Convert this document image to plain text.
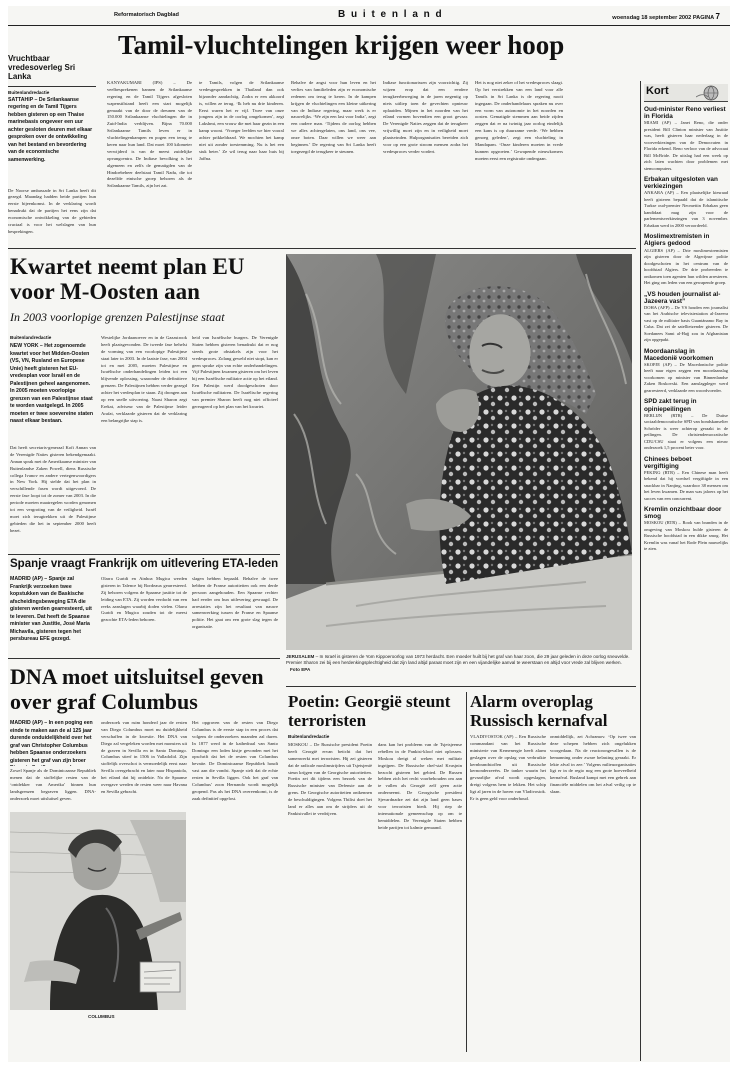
Reformatorisch Dagblad	B u i t e n l a n d	woensdag 18 september 2002 PAGINA 7
Vruchtbaar vredesoverleg Sri Lanka
Buitenlandredactie
SATTAHIP – De Srilankaanse regering en de Tamil Tijgers hebben gisteren op een Thaise marinebasis ongeveer een uur achter gesloten deuren met elkaar gesproken over de ontwikkeling van het bestand en bevordering van de economische samenwerking.
De Noorse ambassade in Sri Lanka heeft dit gezegd. Maandag hadden beide partijen hun eerste bijeenkomst. In de verklaring wordt benadrukt dat de partijen het eens zijn dat economische ontwikkeling van de gebieden cruciaal is voor het welslagen van hun besprekingen.
Tamil-vluchtelingen krijgen weer hoop
KANYAKUMARI (IPS) – De veelbesprekenen bannen de Srilankaanse regering en de Tamil Tijgers afgesloten wapenstilstand heeft een start mogelijk gemaakt van de door de dreunen van de 150.000 Srilankaanse vluchtelingen die in Zuid-India verblijven. Bijna 70.000 Srilankaanse Tamils leven er in vluchtelingenkampen en pogen een terug te keren naar hun land. Dat moet 100 kilometer verwijderd is van de meest zuidelijke opvangcentra. De Indiase bevolking is het algemeen en zelfs de gematigden van de Hindoebeheer deelstaat Tamil Nadu, die tot dezelfde etnische groep behoren als de Srilankaanse Tamils, zijn het zat.
te Tamils, volgen de Srilankaanse vredesgesprekken in Thailand dan ook bijzonder aandachtig. Zodra er een akkoord is, willen ze terug. ‘Ik heb nu drie kinderen. Eerst waren het er vijf. Twee van onze jongens zijn in de oorlog omgekomen’, zegt Lakshmi, een vrouw die met haar gezin in een kamp woont. ‘Vroeger leefden we hier vooral achter prikkeldraad. We mochten het kamp niet uit zonder toestemming. Nu is het een stuk beter.’ Ze wil terug naar haar huis bij Jaffna.
Behalve de angst voor hun leven en het verlies van familieleden zijn er economische redenen om terug te keren. In de kampen krijgen de vluchtelingen een kleine uitkering van de Indiase regering, maar werk is er nauwelijks. ‘We zijn een last voor India’, zegt een oudere man. ‘Tijdens de oorlog hebben we alles achtergelaten, ons land, ons vee, onze boten. Daar willen we weer aan beginnen.’ De regering van Sri Lanka heeft toegezegd de terugkeer te steunen.
Indiase functionarissen zijn voorzichtig. Zij wijzen erop dat een eerdere terugkeerbeweging in de jaren negentig op niets uitliep toen de gevechten opnieuw oplaaiden. Mijnen in het noorden van het eiland vormen bovendien een groot gevaar. De Verenigde Naties zeggen dat de terugkeer vrijwillig moet zijn en in veiligheid moet plaatsvinden. Hulporganisaties bereiden zich voor op een grote stroom mensen zodra het vredesproces verder vordert.
Het is nog niet zeker of het vredesproces slaagt. Op het verstrekken van een land voor alle Tamils in Sri Lanka is de regering nooit ingegaan. De onderhandelaars spraken nu over een vorm van autonomie in het noorden en oosten. Gematigde stemmen aan beide zijden zeggen dat er na twintig jaar oorlog eindelijk een kans is op duurzame vrede. ‘We hebben genoeg geleden’, zegt een vluchteling in Mandapam. ‘Onze kinderen moeten in vrede kunnen opgroeien.’ Gewapende nieuwkomers moeten eerst een registratie ondergaan.
Kwartet neemt plan EU voor M-Oosten aan
In 2003 voorlopige grenzen Palestijnse staat
Buitenlandredactie
NEW YORK – Het zogenoemde kwartet voor het Midden-Oosten (VS, VN, Rusland en Europese Unie) heeft gisteren het EU-vredesplan voor Israël en de Palestijnen geheel aangenomen. In 2005 moeten voorlopige grenzen van een Palestijnse staat te worden vastgelegd. In 2005 moeten er twee soevereine staten naast elkaar bestaan.
Dat heeft secretaris-generaal Kofi Annan van de Verenigde Naties gisteren bekendgemaakt. Annan sprak met de Amerikaanse minister van Buitenlandse Zaken Powell, diens Russische collega Ivanov en andere vertegenwoordigers in New York. Hij stelde dat het plan in verschillende fasen wordt uitgevoerd. De eerste fase loopt tot de zomer van 2003. In die periode moeten maatregelen worden genomen tot een vergroting van de veiligheid. Israël moet zich terugtrekken uit de Palestijnse gebieden die het in september 2000 heeft bezet.
Westelijke Jordaanoever en in de Gazastrook heeft plaatsgevonden. De tweede fase behelst de vorming van een voorlopige Palestijnse staat later in 2003. In de laatste fase, van 2004 tot en met 2005, moeten Palestijnse en Israëlische onderhandelingen leiden tot een blijvende oplossing, waaronder de definitieve grenzen. De Palestijnen hebben verder gezegd achter het vredesplan te staan. Zij drongen aan op een snelle uitvoering. Naast Sharon zegt Erekat, adviseur van de Palestijnse leider Arafat, verklaarde gisteren dat de verklaring een belangrijke stap is.
heid van Israëlische burgers. De Verenigde Staten hebben gisteren benadrukt dat er nog steeds grote obstakels zijn voor het vredesproces. Zolang geweld niet stopt, kan er geen sprake zijn van echte onderhandelingen. Vijf Palestijnen kwamen gisteren om het leven bij een Israëlische militaire actie op het eiland. Een Palestijn werd doodgeschoten door Israëlische militairen. De Israëlische regering van premier Sharon heeft nog niet officieel gereageerd op het plan van het kwartet.
JERUSALEM – In Israël is gisteren de Yom Kippoeroorlog van 1973 herdacht. Een moeder huilt bij het graf van haar zoon, die 29 jaar geleden in deze oorlog sneuvelde. Premier Sharon zei bij een herdenkingsplechtigheid dat zijn land altijd paraat moet zijn en een vijandelijke aanval te weerstaan en altijd voor vrede zal blijven werken. Foto EPA
Spanje vraagt Frankrijk om uitlevering ETA-leden
MADRID (AP) – Spanje zal Frankrijk verzoeken twee kopstukken van de Baskische afscheidingsbeweging ETA die gisteren werden gearresteerd, uit te leveren. Dat heeft de Spaanse minister van Justitie, José María Michavila, gisteren tegen het persbureau EFE gezegd.
Olarra Guridi en Ainhoa Mugica werden gisteren in Talence bij Bordeaux gearresteerd. Zij behoren volgens de Spaanse justitie tot de leiding van ETA. Zij worden verdacht van een reeks aanslagen waarbij doden vielen. Olarra Guridi en Mugica zouden tot de meest gezochte ETA-leden behoren.
slagen hebben bepaald. Behalve de twee hebben de Franse autoriteiten ook een derde persoon aangehouden. Een Spaanse rechter had eerder om hun uitlevering gevraagd. De arrestaties zijn het resultaat van nauwe samenwerking tussen de Franse en Spaanse politie. Het gaat om een grote slag tegen de organisatie.
DNA moet uitsluitsel geven over graf Columbus
MADRID (AP) – In een poging een einde te maken aan de al 125 jaar durende onduidelijkheid over het graf van Christopher Columbus hebben Spaanse onderzoekers gisteren het graf van zijn broer
Zowel Spanje als de Dominicaanse Republiek menen dat de stoffelijke resten van de ‘ontdekker van Amerika’ binnen hun landsgrenzen begraven liggen. DNA-onderzoek moet uitsluitsel geven.
onderzoek van ruim honderd jaar de resten van Diego Columbus moet nu duidelijkheid verschaffen in de kwestie. Het DNA van Diego zal vergeleken worden met monsters uit de graven in Sevilla en in Santo Domingo. Columbus stierf in 1506 in Valladolid. Zijn stoffelijk overschot is vermoedelijk eerst naar Sevilla overgebracht en later naar Hispaniola, het eiland dat hij ontdekte. Na de Spaanse overgave werden de resten weer naar Havana en Sevilla gebracht.
Het opgraven van de resten van Diego Columbus is de eerste stap in een proces dat volgens de onderzoekers maanden zal duren. In 1877 werd in de kathedraal van Santo Domingo een loden kistje gevonden met het opschrift dat het de resten van Columbus bevatte. De Dominicaanse Republiek houdt vast aan die vondst. Spanje stelt dat de echte resten in Sevilla liggen. Ook het graf van Columbus’ zoon Hernando wordt mogelijk geopend. Pas als het DNA overeenkomt, is de zaak definitief opgelost.
COLUMBUS
Poetin: Georgië steunt terroristen
Buitenlandredactie
MOSKOU – De Russische president Poetin heeft Georgië ervan beticht dat het samenwerkt met terroristen. Hij zei gisteren dat de radicale moslimstrijders uit Tsjetsjenië steun krijgen van de Georgische autoriteiten. Poetin zei dit tijdens een bezoek van de Russische minister van Defensie aan de grens. De Georgische autoriteiten ontkennen de beschuldigingen. Volgens Tbilisi doet het land er alles aan om de strijders uit de Pankisivallei te verdrijven.
dans kan het probleem van de Tsjetsjeense rebellen in de Pankisi-kloof niet oplossen. Moskou dreigt al weken met militair ingrijpen. De Russische chef-staf Kvasjnin bezocht gisteren het gebied. De Russen hebben zich het recht voorbehouden om aan te vallen als Georgië zelf geen actie onderneemt. De Georgische president Sjevardnadze zei dat zijn land geen bases voor terroristen biedt. Hij riep de internationale gemeenschap op om te bemiddelen. De Verenigde Staten hebben beide partijen tot kalmte gemaand.
Alarm overoplag Russisch kernafval
VLADIVOSTOK (AP) – Een Russische commandant van het Russische ministerie van Kernenergie heeft alarm geslagen over de opslag van verbruikte kernbrandstoffen uit Russische kernonderzeeërs. De tanker waarin het gevaarlijke afval wordt opgeslagen, dreigt volgens hem te lekken. Het schip ligt al jaren in de haven van Vladivostok. Er is geen geld voor onderhoud.
onmiddellijk, zei Achramov. ‘Op twee van deze schepen hebben zich ongelukken voorgedaan. Na de reactorongevallen is de bemanning onder zware belasting geraakt. Er lekte afval in zee.’ Volgens milieuorganisaties ligt er in de regio nog een grote hoeveelheid kernafval. Rusland kampt met een gebrek aan financiële middelen om het afval veilig op te slaan.
Kort
Oud-minister Reno verliest in Florida
MIAMI (AP) – Janet Reno, die onder president Bill Clinton minister van Justitie was, heeft gisteren haar nederlaag in de voorverkiezingen van de Democraten in Florida erkend. Reno verloor van de advocaat Bill McBride. De uitslag had een week op zich laten wachten door problemen met stemcomputers.
Erbakan uitgesloten van verkiezingen
ANKARA (AP) – Een plaatselijke kiesraad heeft gisteren bepaald dat de islamitische Turkse oud-premier Necmettin Erbakan geen kandidaat mag zijn voor de parlementsverkiezingen van 3 november. Erbakan werd in 2000 veroordeeld.
Moslimextremisten in Algiers gedood
ALGIERS (AP) – Drie moslimextremisten zijn gisteren door de Algerijnse politie doodgeschoten in het centrum van de hoofdstad Algiers. De drie probeerden te ontkomen toen agenten hun wilden arresteren. Het ging om leden van een gewapende groep.
„VS houden journalist al-Jazeera vast”
DOHA (AFP) – De VS houden een journalist van het Arabische televisiestation al-Jazeera vast op de militaire basis Guantánamo Bay in Cuba. Dat zei de satellietzender gisteren. De Soedanees Sami al-Hajj zou in Afghanistan zijn opgepakt.
Moordaanslag in Macedonië voorkomen
SKOPJE (AP) – De Macedonische politie heeft naar eigen zeggen een moordaanslag voorkomen op minister van Binnenlandse Zaken Boskovski. Een aanslagpleger werd gearresteerd, verklaarde een woordvoerder.
SPD zakt terug in opiniepeilingen
BERLIJN (RTR) – De Duitse sociaaldemocratische SPD van bondskanselier Schröder is weer achterop geraakt in de peilingen. De christendemocratische CDU/CSU staat er volgens een nieuw onderzoek 1,5 procent beter voor.
Chinees beboet vergiftiging
PEKING (RTR) – Een Chinese man heeft bekend dat hij voedsel vergiftigde in een snackbar in Nanjing, waardoor 38 mensen om het leven kwamen. De man was jaloers op het succes van een concurrent.
Kremlin onzichtbaar door smog
MOSKOU (RTR) – Rook van branden in de omgeving van Moskou hulde gisteren de Russische hoofdstad in een dikke smog. Het Kremlin was vanaf het Rode Plein nauwelijks te zien.
